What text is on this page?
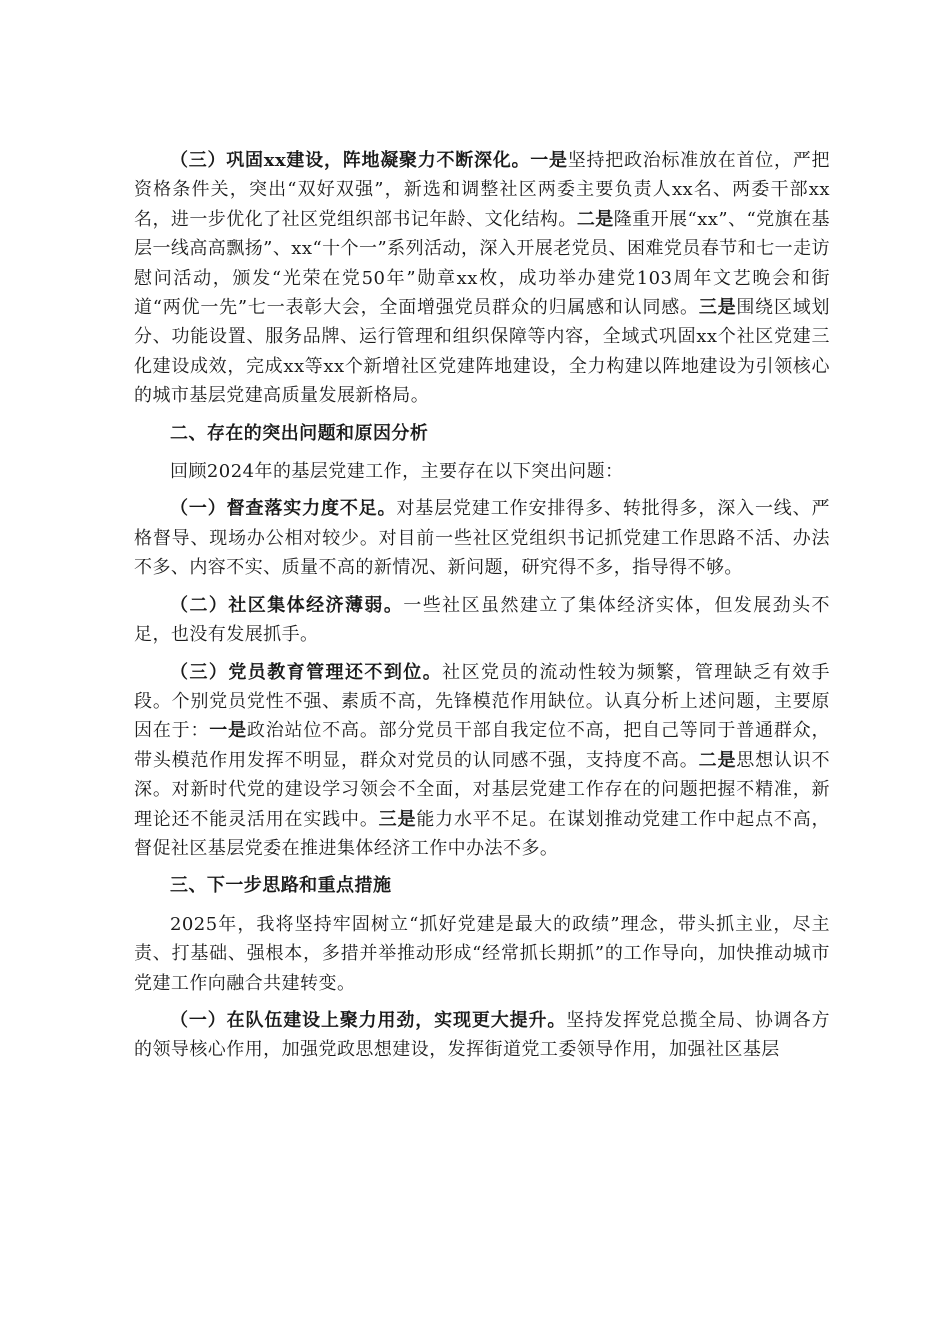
（三）巩固xx建设，阵地凝聚力不断深化。一是坚持把政治标准放在首位，严把资格条件关，突出“双好双强”，新选和调整社区两委主要负责人xx名、两委干部xx名，进一步优化了社区党组织部书记年龄、文化结构。二是隆重开展“xx”、“党旗在基层一线高高飘扬”、xx“十个一”系列活动，深入开展老党员、困难党员春节和七一走访慰问活动，颁发“光荣在党50年”勋章xx枚，成功举办建党103周年文艺晚会和街道“两优一先”七一表彰大会，全面增强党员群众的归属感和认同感。三是围绕区域划分、功能设置、服务品牌、运行管理和组织保障等内容，全域式巩固xx个社区党建三化建设成效，完成xx等xx个新增社区党建阵地建设，全力构建以阵地建设为引领核心的城市基层党建高质量发展新格局。

二、存在的突出问题和原因分析

回顾2024年的基层党建工作，主要存在以下突出问题：

（一）督查落实力度不足。对基层党建工作安排得多、转批得多，深入一线、严格督导、现场办公相对较少。对目前一些社区党组织书记抓党建工作思路不活、办法不多、内容不实、质量不高的新情况、新问题，研究得不多，指导得不够。

（二）社区集体经济薄弱。一些社区虽然建立了集体经济实体，但发展劲头不足，也没有发展抓手。

（三）党员教育管理还不到位。社区党员的流动性较为频繁，管理缺乏有效手段。个别党员党性不强、素质不高，先锋模范作用缺位。认真分析上述问题，主要原因在于：一是政治站位不高。部分党员干部自我定位不高，把自己等同于普通群众，带头模范作用发挥不明显，群众对党员的认同感不强，支持度不高。二是思想认识不深。对新时代党的建设学习领会不全面，对基层党建工作存在的问题把握不精准，新理论还不能灵活用在实践中。三是能力水平不足。在谋划推动党建工作中起点不高，督促社区基层党委在推进集体经济工作中办法不多。

三、下一步思路和重点措施

2025年，我将坚持牢固树立“抓好党建是最大的政绩”理念，带头抓主业，尽主责、打基础、强根本，多措并举推动形成“经常抓长期抓”的工作导向，加快推动城市党建工作向融合共建转变。

（一）在队伍建设上聚力用劲，实现更大提升。坚持发挥党总揽全局、协调各方的领导核心作用，加强党政思想建设，发挥街道党工委领导作用，加强社区基层
